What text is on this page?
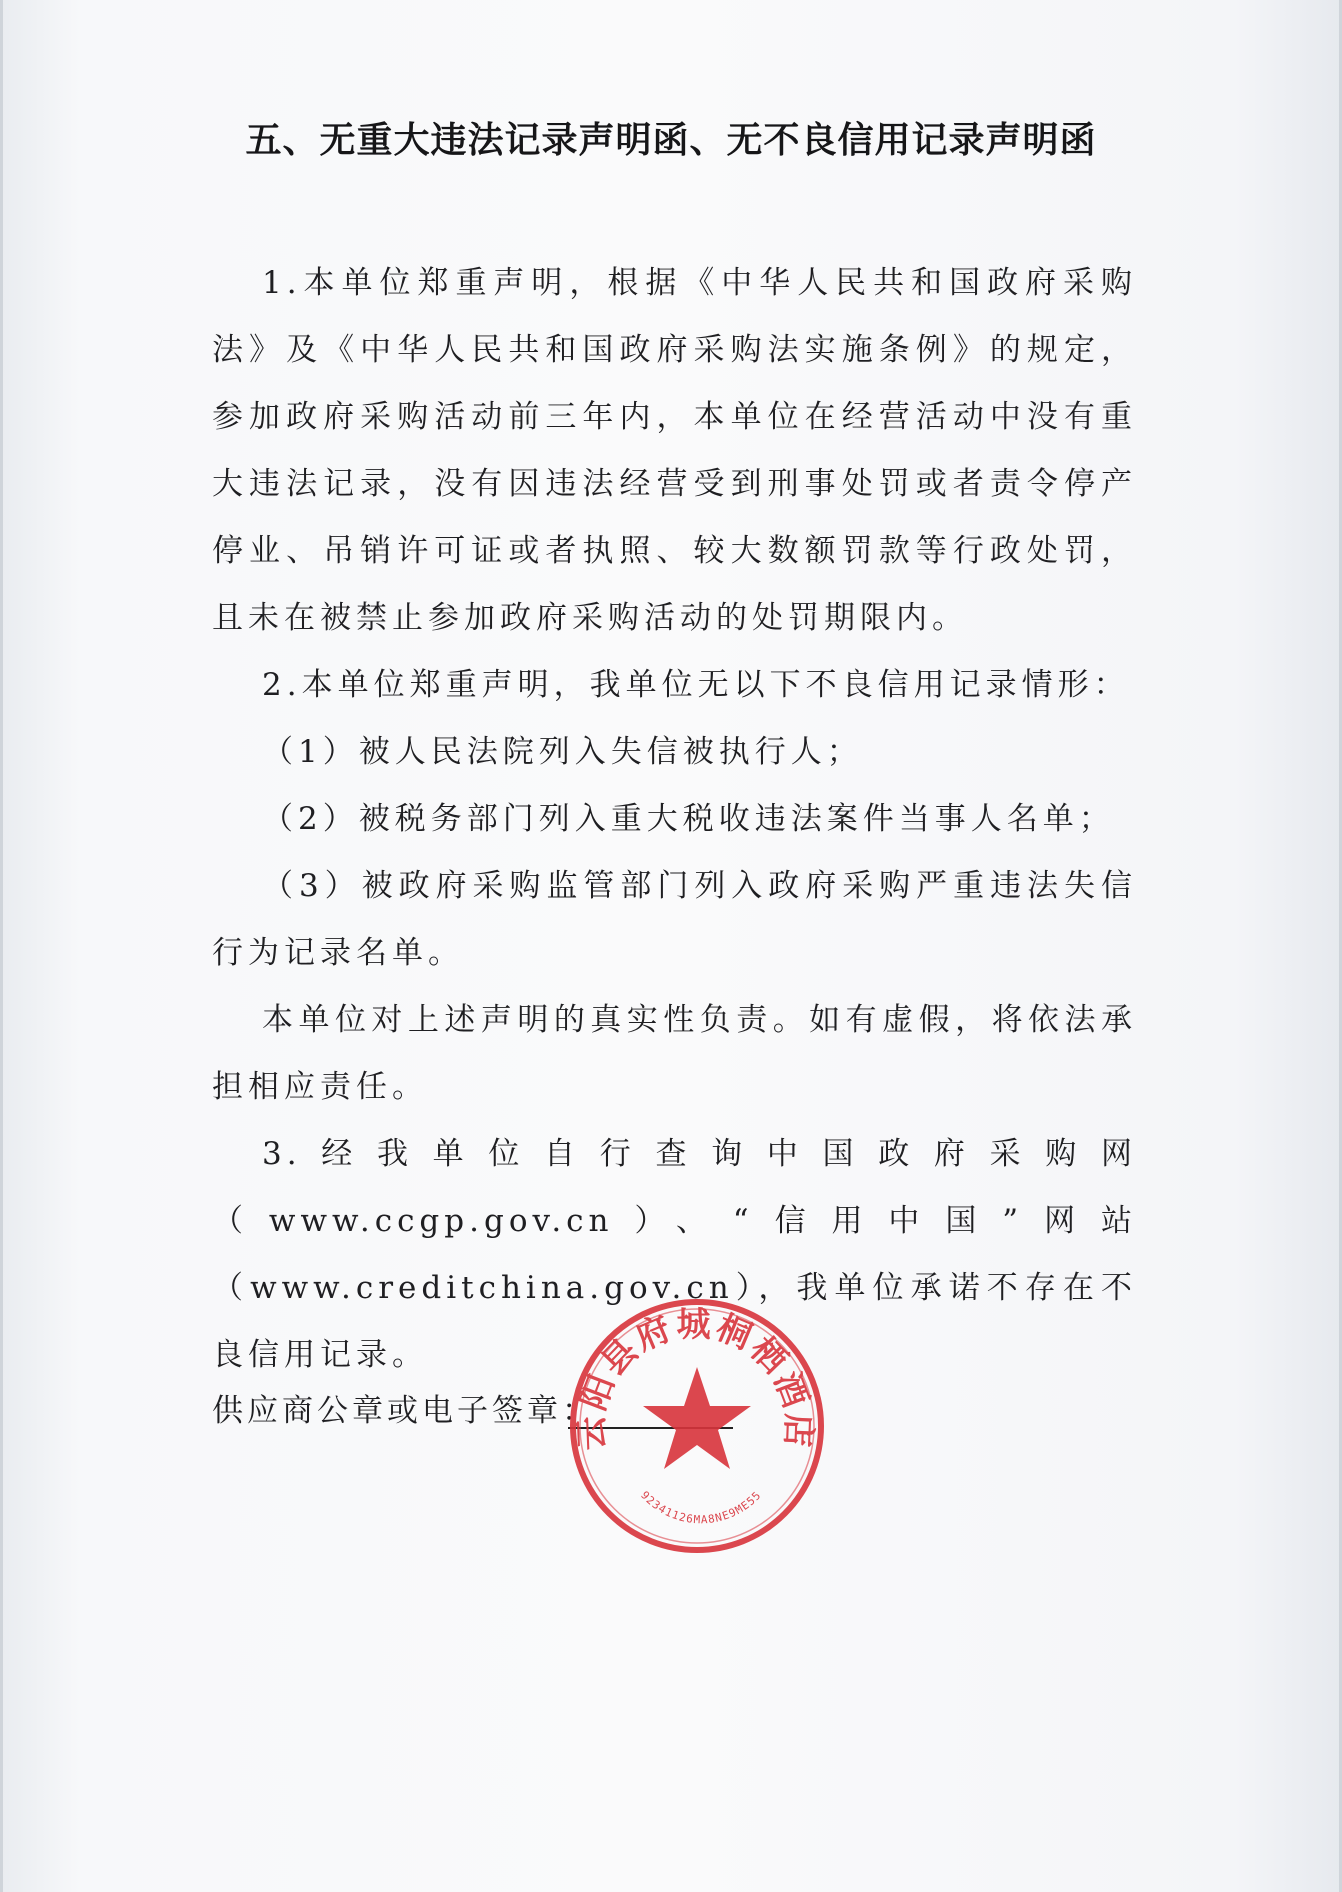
五、无重大违法记录声明函、无不良信用记录声明函

1.本单位郑重声明，根据《中华人民共和国政府采购法》及《中华人民共和国政府采购法实施条例》的规定，参加政府采购活动前三年内，本单位在经营活动中没有重大违法记录，没有因违法经营受到刑事处罚或者责令停产停业、吊销许可证或者执照、较大数额罚款等行政处罚，且未在被禁止参加政府采购活动的处罚期限内。

2.本单位郑重声明，我单位无以下不良信用记录情形：

（1）被人民法院列入失信被执行人；

（2）被税务部门列入重大税收违法案件当事人名单；

（3）被政府采购监管部门列入政府采购严重违法失信行为记录名单。

本单位对上述声明的真实性负责。如有虚假，将依法承担相应责任。

3.经我单位自行查询中国政府采购网（www.ccgp.gov.cn）、“信用中国”网站（www.creditchina.gov.cn），我单位承诺不存在不良信用记录。

供应商公章或电子签章：
云阳县府城桐栖酒店
92341126MA8NE9ME55
